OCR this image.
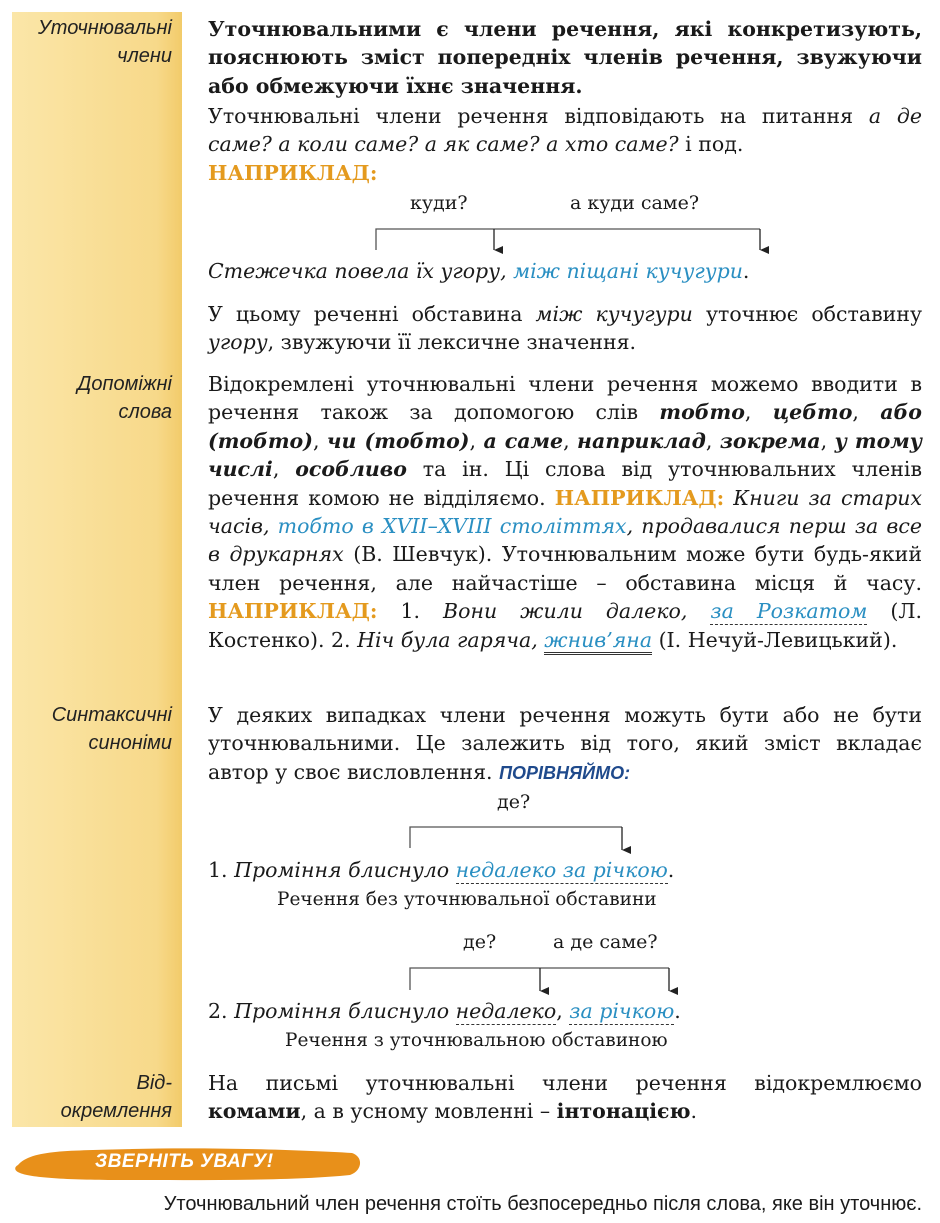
Уточнювальні
члени
Допоміжні
слова
Синтаксичні
синоніми
Від-
окремлення

Уточнювальними є члени речення, які конкретизують, пояснюють зміст попередніх членів речення, звужуючи або обмежуючи їхнє значення.

Уточнювальні члени речення відповідають на питання а де саме? а коли саме? а як саме? а хто саме? і под.
НАПРИКЛАД:

куди?	а куди саме?

Стежечка повела їх угору, між піщані кучугури.

У цьому реченні обставина між кучугури уточнює обставину угору, звужуючи її лексичне значення.

Відокремлені уточнювальні члени речення можемо вводити в речення також за допомогою слів тобто, цебто, або (тобто), чи (тобто), а саме, наприклад, зокрема, у тому числі, особливо та ін. Ці слова від уточнювальних членів речення комою не відділяємо. НАПРИКЛАД: Книги за старих часів, тобто в XVII–XVIII століттях, продавалися перш за все в друкарнях (В. Шевчук). Уточнювальним може бути будь-який член речення, але найчастіше – обставина місця й часу. НАПРИКЛАД: 1. Вони жили далеко, за Розкатом (Л. Костенко). 2. Ніч була гаряча, жнив’яна (І. Нечуй-Левицький).

У деяких випадках члени речення можуть бути або не бути уточнювальними. Це залежить від того, який зміст вкладає автор у своє висловлення. ПОРІВНЯЙМО:

де?

1. Проміння блиснуло недалеко за річкою.

Речення без уточнювальної обставини
де?	а де саме?

2. Проміння блиснуло недалеко, за річкою.

Речення з уточнювальною обставиною

На письмі уточнювальні члени речення відокремлюємо комами, а в усному мовленні – інтонацією.

ЗВЕРНІТЬ УВАГУ!
Уточнювальний член речення стоїть безпосередньо після слова, яке він уточнює.
